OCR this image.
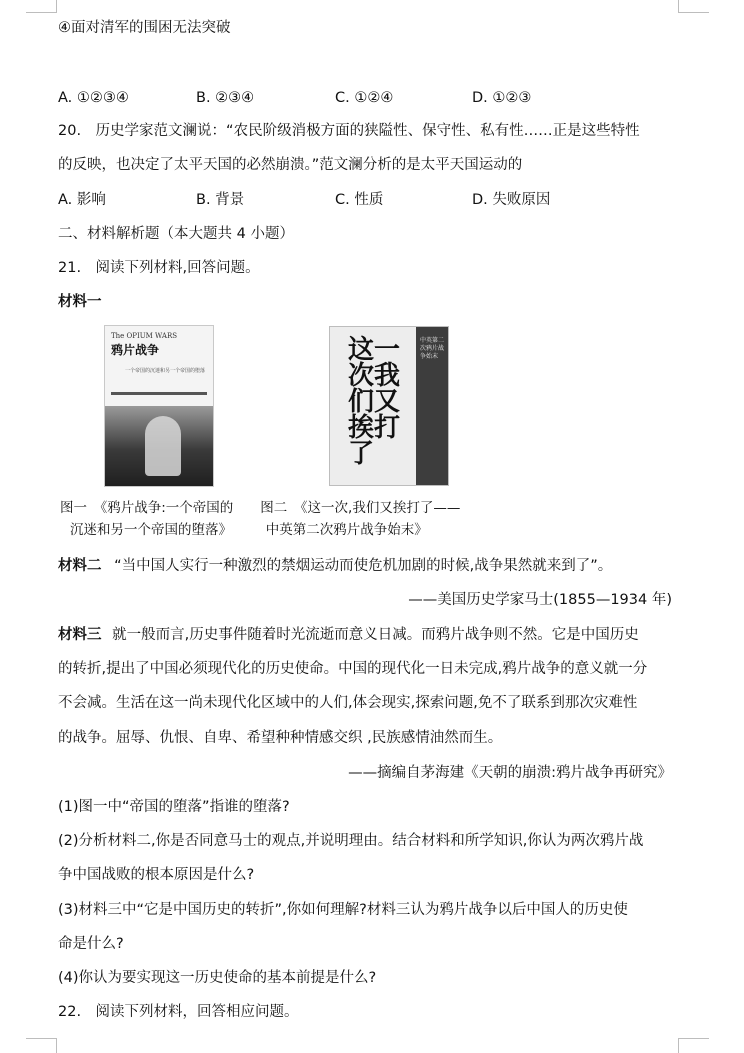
④面对清军的围困无法突破
A. ①②③④	B. ②③④	C. ①②④	D. ①②③
20.　历史学家范文澜说：“农民阶级消极方面的狭隘性、保守性、私有性……正是这些特性
的反映，也决定了太平天国的必然崩溃。”范文澜分析的是太平天国运动的
A. 影响	B. 背景	C. 性质	D. 失败原因
二、材料解析题（本大题共 4 小题）
21.　阅读下列材料,回答问题。
材料一
The OPIUM WARS
鸦片战争
一个帝国的沉迷和另一个帝国的堕落
这一次我们又挨打了
中英第二次鸦片战争始末
图一　《鸦片战争:一个帝国的　　图二　《这一次,我们又挨打了——
沉迷和另一个帝国的堕落》　　　中英第二次鸦片战争始末》
材料二 “当中国人实行一种激烈的禁烟运动而使危机加剧的时候,战争果然就来到了”。
——美国历史学家马士(1855—1934 年)
材料三 就一般而言,历史事件随着时光流逝而意义日减。而鸦片战争则不然。它是中国历史
的转折,提出了中国必须现代化的历史使命。中国的现代化一日未完成,鸦片战争的意义就一分
不会减。生活在这一尚未现代化区域中的人们,体会现实,探索问题,免不了联系到那次灾难性
的战争。屈辱、仇恨、自卑、希望种种情感交织 ,民族感情油然而生。
——摘编自茅海建《天朝的崩溃:鸦片战争再研究》
(1)图一中“帝国的堕落”指谁的堕落?
(2)分析材料二,你是否同意马士的观点,并说明理由。结合材料和所学知识,你认为两次鸦片战
争中国战败的根本原因是什么?
(3)材料三中“它是中国历史的转折”,你如何理解?材料三认为鸦片战争以后中国人的历史使
命是什么?
(4)你认为要实现这一历史使命的基本前提是什么?
22.　阅读下列材料，回答相应问题。
